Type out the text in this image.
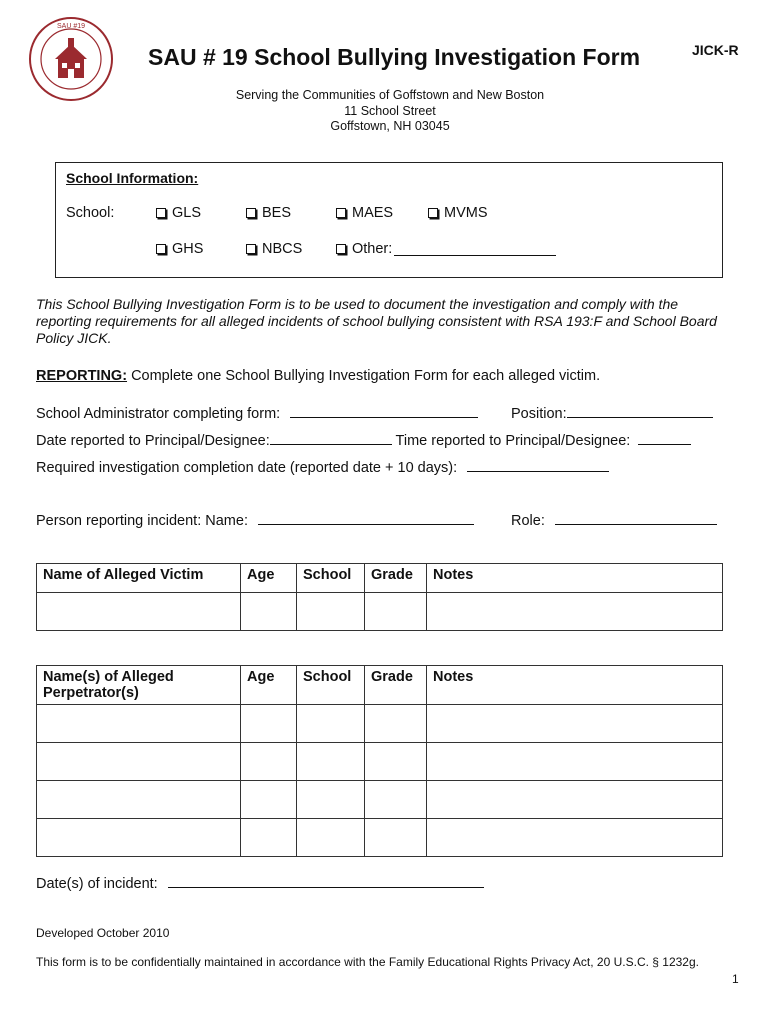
SAU #19
SAU # 19 School Bullying Investigation Form	JICK-R
Serving the Communities of Goffstown and New Boston
11 School Street
Goffstown, NH 03045
School Information:
School:	GLS	BES	MAES	MVMS
GHS	NBCS	Other:
This School Bullying Investigation Form is to be used to document the investigation and comply with the reporting requirements for all alleged incidents of school bullying consistent with RSA 193:F and School Board Policy JICK.
REPORTING: Complete one School Bullying Investigation Form for each alleged victim.
School Administrator completing form:	Position:
Date reported to Principal/Designee:	Time reported to Principal/Designee:
Required investigation completion date (reported date + 10 days):
Person reporting incident: Name:	Role:
Name of Alleged Victim	Age	School	Grade	Notes

Name(s) of Alleged Perpetrator(s)	Age	School	Grade	Notes

Date(s) of incident:
Developed October 2010
This form is to be confidentially maintained in accordance with the Family Educational Rights Privacy Act, 20 U.S.C. § 1232g.
1
